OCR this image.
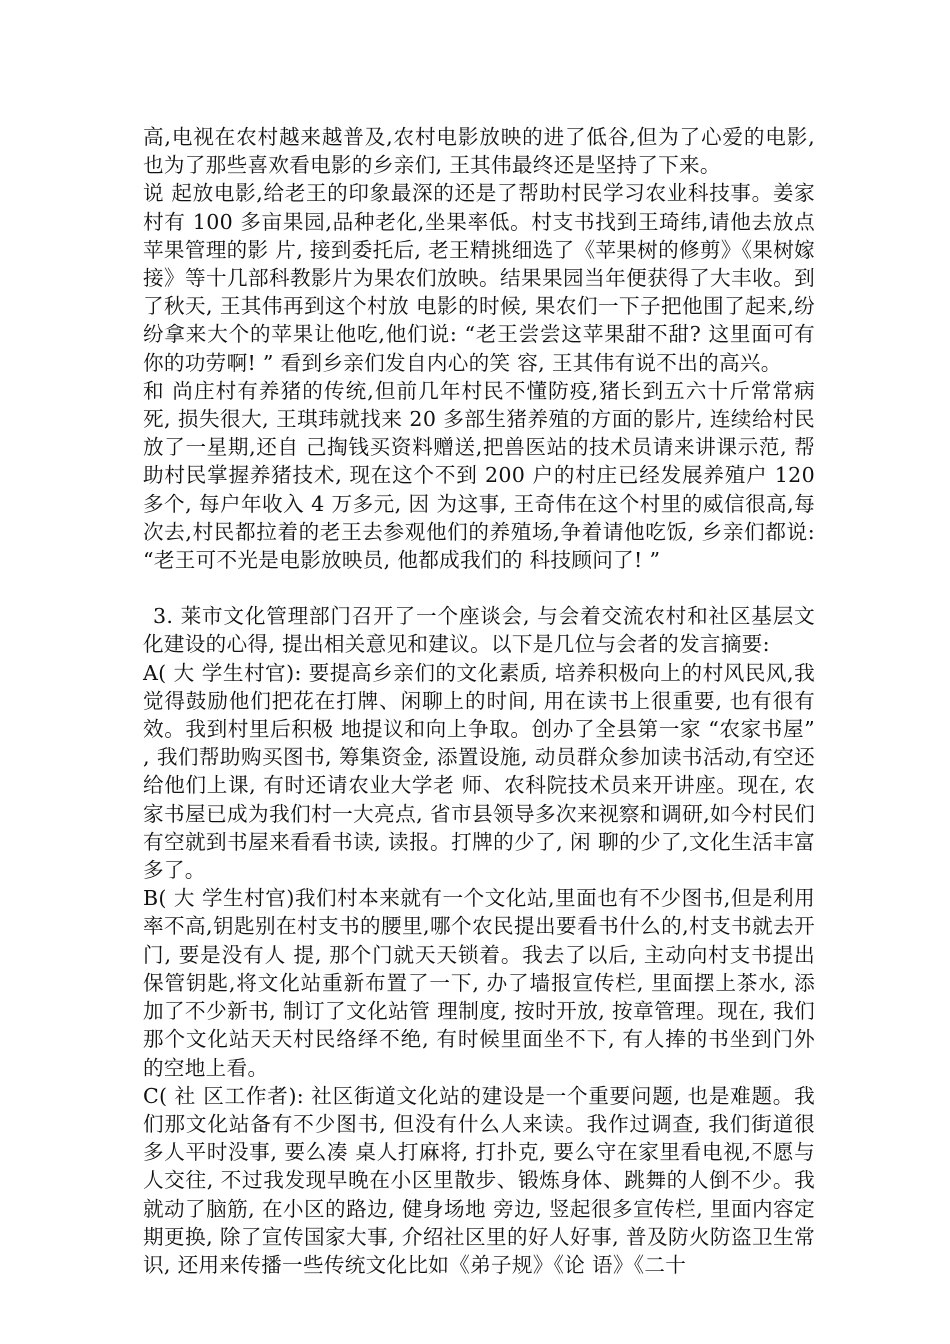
高,电视在农村越来越普及,农村电影放映的进了低谷,但为了心爱的电影, 也为了那些喜欢看电影的乡亲们, 王其伟最终还是坚持了下来。

说 起放电影,给老王的印象最深的还是了帮助村民学习农业科技事。姜家村有 100 多亩果园,品种老化,坐果率低。村支书找到王琦纬,请他去放点苹果管理的影 片, 接到委托后, 老王精挑细选了《苹果树的修剪》《果树嫁接》等十几部科教影片为果农们放映。结果果园当年便获得了大丰收。到了秋天, 王其伟再到这个村放 电影的时候, 果农们一下子把他围了起来,纷纷拿来大个的苹果让他吃,他们说: “老王尝尝这苹果甜不甜? 这里面可有你的功劳啊! ” 看到乡亲们发自内心的笑 容, 王其伟有说不出的高兴。

和 尚庄村有养猪的传统,但前几年村民不懂防疫,猪长到五六十斤常常病死, 损失很大, 王琪玮就找来 20 多部生猪养殖的方面的影片, 连续给村民放了一星期,还自 己掏钱买资料赠送,把兽医站的技术员请来讲课示范, 帮助村民掌握养猪技术, 现在这个不到 200 户的村庄已经发展养殖户 120 多个, 每户年收入 4 万多元, 因 为这事, 王奇伟在这个村里的威信很高,每次去,村民都拉着的老王去参观他们的养殖场,争着请他吃饭, 乡亲们都说: “老王可不光是电影放映员, 他都成我们的 科技顾问了! ”

3. 莱市文化管理部门召开了一个座谈会, 与会着交流农村和社区基层文化建设的心得, 提出相关意见和建议。以下是几位与会者的发言摘要:

A( 大 学生村官): 要提高乡亲们的文化素质, 培养积极向上的村风民风,我觉得鼓励他们把花在打牌、闲聊上的时间, 用在读书上很重要, 也有很有效。我到村里后积极 地提议和向上争取。创办了全县第一家 “农家书屋” , 我们帮助购买图书, 筹集资金, 添置设施, 动员群众参加读书活动,有空还给他们上课, 有时还请农业大学老 师、农科院技术员来开讲座。现在, 农家书屋已成为我们村一大亮点, 省市县领导多次来视察和调研,如今村民们有空就到书屋来看看书读, 读报。打牌的少了, 闲 聊的少了,文化生活丰富多了。

B( 大 学生村官)我们村本来就有一个文化站,里面也有不少图书,但是利用率不高,钥匙别在村支书的腰里,哪个农民提出要看书什么的,村支书就去开门, 要是没有人 提, 那个门就天天锁着。我去了以后, 主动向村支书提出保管钥匙,将文化站重新布置了一下, 办了墙报宣传栏, 里面摆上茶水, 添加了不少新书, 制订了文化站管 理制度, 按时开放, 按章管理。现在, 我们那个文化站天天村民络绎不绝, 有时候里面坐不下, 有人捧的书坐到门外的空地上看。

C( 社 区工作者): 社区街道文化站的建设是一个重要问题, 也是难题。我们那文化站备有不少图书, 但没有什么人来读。我作过调查, 我们街道很多人平时没事, 要么凑 桌人打麻将, 打扑克, 要么守在家里看电视,不愿与人交往, 不过我发现早晚在小区里散步、锻炼身体、跳舞的人倒不少。我就动了脑筋, 在小区的路边, 健身场地 旁边, 竖起很多宣传栏, 里面内容定期更换, 除了宣传国家大事, 介绍社区里的好人好事, 普及防火防盗卫生常识, 还用来传播一些传统文化比如《弟子规》《论 语》《二十
